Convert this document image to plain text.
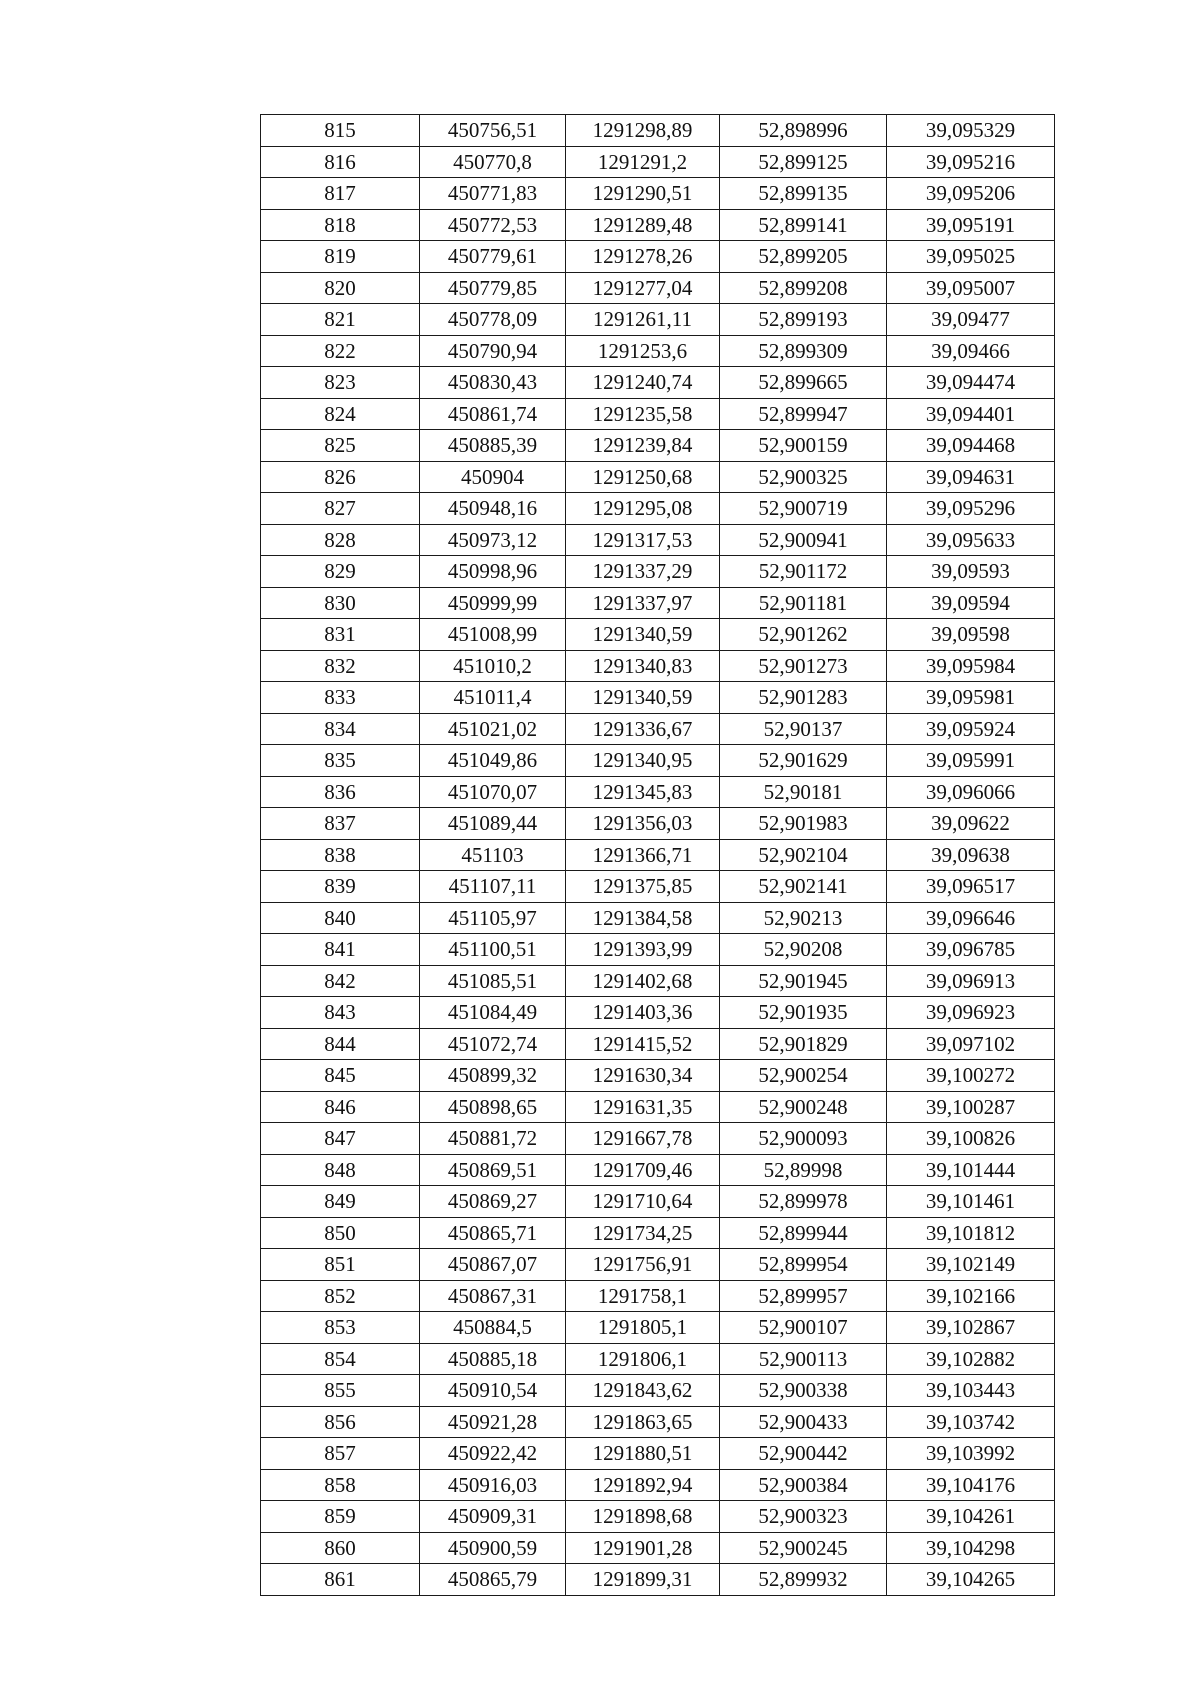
815	450756,51	1291298,89	52,898996	39,095329
816	450770,8	1291291,2	52,899125	39,095216
817	450771,83	1291290,51	52,899135	39,095206
818	450772,53	1291289,48	52,899141	39,095191
819	450779,61	1291278,26	52,899205	39,095025
820	450779,85	1291277,04	52,899208	39,095007
821	450778,09	1291261,11	52,899193	39,09477
822	450790,94	1291253,6	52,899309	39,09466
823	450830,43	1291240,74	52,899665	39,094474
824	450861,74	1291235,58	52,899947	39,094401
825	450885,39	1291239,84	52,900159	39,094468
826	450904	1291250,68	52,900325	39,094631
827	450948,16	1291295,08	52,900719	39,095296
828	450973,12	1291317,53	52,900941	39,095633
829	450998,96	1291337,29	52,901172	39,09593
830	450999,99	1291337,97	52,901181	39,09594
831	451008,99	1291340,59	52,901262	39,09598
832	451010,2	1291340,83	52,901273	39,095984
833	451011,4	1291340,59	52,901283	39,095981
834	451021,02	1291336,67	52,90137	39,095924
835	451049,86	1291340,95	52,901629	39,095991
836	451070,07	1291345,83	52,90181	39,096066
837	451089,44	1291356,03	52,901983	39,09622
838	451103	1291366,71	52,902104	39,09638
839	451107,11	1291375,85	52,902141	39,096517
840	451105,97	1291384,58	52,90213	39,096646
841	451100,51	1291393,99	52,90208	39,096785
842	451085,51	1291402,68	52,901945	39,096913
843	451084,49	1291403,36	52,901935	39,096923
844	451072,74	1291415,52	52,901829	39,097102
845	450899,32	1291630,34	52,900254	39,100272
846	450898,65	1291631,35	52,900248	39,100287
847	450881,72	1291667,78	52,900093	39,100826
848	450869,51	1291709,46	52,89998	39,101444
849	450869,27	1291710,64	52,899978	39,101461
850	450865,71	1291734,25	52,899944	39,101812
851	450867,07	1291756,91	52,899954	39,102149
852	450867,31	1291758,1	52,899957	39,102166
853	450884,5	1291805,1	52,900107	39,102867
854	450885,18	1291806,1	52,900113	39,102882
855	450910,54	1291843,62	52,900338	39,103443
856	450921,28	1291863,65	52,900433	39,103742
857	450922,42	1291880,51	52,900442	39,103992
858	450916,03	1291892,94	52,900384	39,104176
859	450909,31	1291898,68	52,900323	39,104261
860	450900,59	1291901,28	52,900245	39,104298
861	450865,79	1291899,31	52,899932	39,104265
